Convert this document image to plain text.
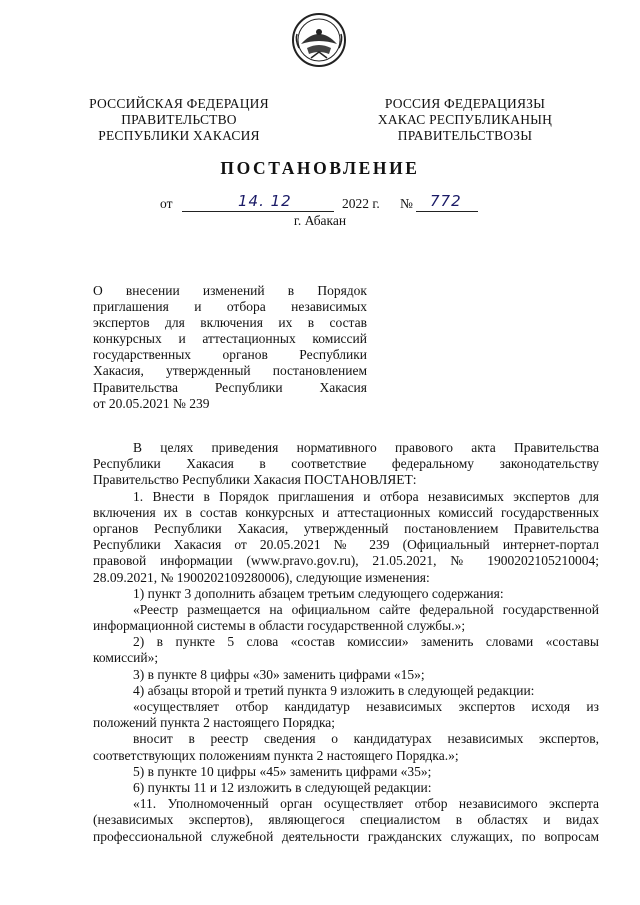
РОССИЙСКАЯ ФЕДЕРАЦИЯ
ПРАВИТЕЛЬСТВО
РЕСПУБЛИКИ ХАКАСИЯ
РОССИЯ ФЕДЕРАЦИЯЗЫ
ХАКАС РЕСПУБЛИКАНЫҢ
ПРАВИТЕЛЬСТВОЗЫ
ПОСТАНОВЛЕНИЕ
от	14. 12	2022 г. № 772
г. Абакан
О внесении изменений в Порядок
приглашения и отбора независимых
экспертов для включения их в состав
конкурсных и аттестационных комиссий
государственных органов Республики
Хакасия, утвержденный постановлением
Правительства Республики Хакасия
от 20.05.2021 № 239
В целях приведения нормативного правового акта Правительства
Республики Хакасия в соответствие федеральному законодательству
Правительство Республики Хакасия ПОСТАНОВЛЯЕТ:
1. Внести в Порядок приглашения и отбора независимых экспертов для
включения их в состав конкурсных и аттестационных комиссий государственных
органов Республики Хакасия, утвержденный постановлением Правительства
Республики Хакасия от 20.05.2021 № 239 (Официальный интернет-портал
правовой информации (www.pravo.gov.ru), 21.05.2021, № 1900202105210004;
28.09.2021, № 1900202109280006), следующие изменения:
1) пункт 3 дополнить абзацем третьим следующего содержания:
«Реестр размещается на официальном сайте федеральной государственной
информационной системы в области государственной службы.»;
2) в пункте 5 слова «состав комиссии» заменить словами «составы
комиссий»;
3) в пункте 8 цифры «30» заменить цифрами «15»;
4) абзацы второй и третий пункта 9 изложить в следующей редакции:
«осуществляет отбор кандидатур независимых экспертов исходя из
положений пункта 2 настоящего Порядка;
вносит в реестр сведения о кандидатурах независимых экспертов,
соответствующих положениям пункта 2 настоящего Порядка.»;
5) в пункте 10 цифры «45» заменить цифрами «35»;
6) пункты 11 и 12 изложить в следующей редакции:
«11. Уполномоченный орган осуществляет отбор независимого эксперта
(независимых экспертов), являющегося специалистом в областях и видах
профессиональной служебной деятельности гражданских служащих, по вопросам
